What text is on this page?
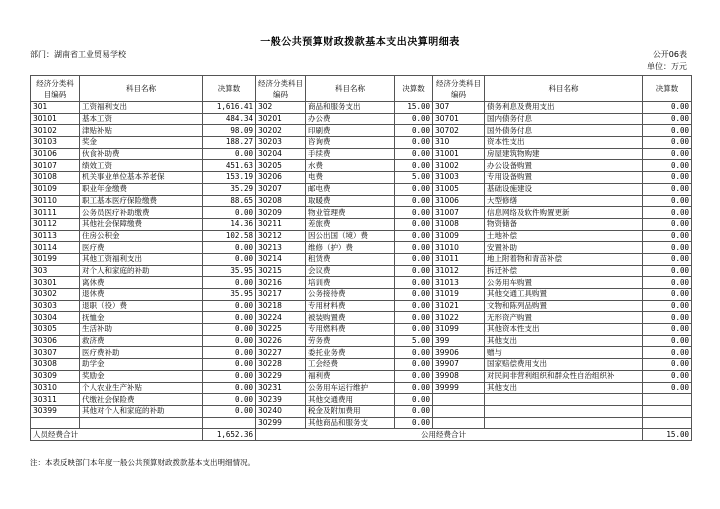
一般公共预算财政拨款基本支出决算明细表
部门：湖南省工业贸易学校	公开06表
单位：万元
经济分类科目编码	科目名称	决算数	经济分类科目编码	科目名称	决算数	经济分类科目编码	科目名称	决算数
301	工资福利支出	1,616.41	302	商品和服务支出	15.00	307	债务利息及费用支出	0.00
30101	基本工资	484.34	30201	办公费	0.00	30701	国内债务付息	0.00
30102	津贴补贴	98.09	30202	印刷费	0.00	30702	国外债务付息	0.00
30103	奖金	188.27	30203	咨询费	0.00	310	资本性支出	0.00
30106	伙食补助费	0.00	30204	手续费	0.00	31001	房屋建筑物购建	0.00
30107	绩效工资	451.63	30205	水费	0.00	31002	办公设备购置	0.00
30108	机关事业单位基本养老保	153.19	30206	电费	5.00	31003	专用设备购置	0.00
30109	职业年金缴费	35.29	30207	邮电费	0.00	31005	基础设施建设	0.00
30110	职工基本医疗保险缴费	88.65	30208	取暖费	0.00	31006	大型修缮	0.00
30111	公务员医疗补助缴费	0.00	30209	物业管理费	0.00	31007	信息网络及软件购置更新	0.00
30112	其他社会保障缴费	14.36	30211	差旅费	0.00	31008	物资储备	0.00
30113	住房公积金	102.58	30212	因公出国（境）费	0.00	31009	土地补偿	0.00
30114	医疗费	0.00	30213	维修（护）费	0.00	31010	安置补助	0.00
30199	其他工资福利支出	0.00	30214	租赁费	0.00	31011	地上附着物和青苗补偿	0.00
303	对个人和家庭的补助	35.95	30215	会议费	0.00	31012	拆迁补偿	0.00
30301	离休费	0.00	30216	培训费	0.00	31013	公务用车购置	0.00
30302	退休费	35.95	30217	公务接待费	0.00	31019	其他交通工具购置	0.00
30303	退职（役）费	0.00	30218	专用材料费	0.00	31021	文物和陈列品购置	0.00
30304	抚恤金	0.00	30224	被装购置费	0.00	31022	无形资产购置	0.00
30305	生活补助	0.00	30225	专用燃料费	0.00	31099	其他资本性支出	0.00
30306	救济费	0.00	30226	劳务费	5.00	399	其他支出	0.00
30307	医疗费补助	0.00	30227	委托业务费	0.00	39906	赠与	0.00
30308	助学金	0.00	30228	工会经费	0.00	39907	国家赔偿费用支出	0.00
30309	奖励金	0.00	30229	福利费	0.00	39908	对民间非营利组织和群众性自治组织补	0.00
30310	个人农业生产补贴	0.00	30231	公务用车运行维护	0.00	39999	其他支出	0.00
30311	代缴社会保险费	0.00	30239	其他交通费用	0.00			
30399	其他对个人和家庭的补助	0.00	30240	税金及附加费用	0.00			
			30299	其他商品和服务支	0.00			
人员经费合计		1,652.36	公用经费合计					15.00
注：本表反映部门本年度一般公共预算财政拨款基本支出明细情况。
